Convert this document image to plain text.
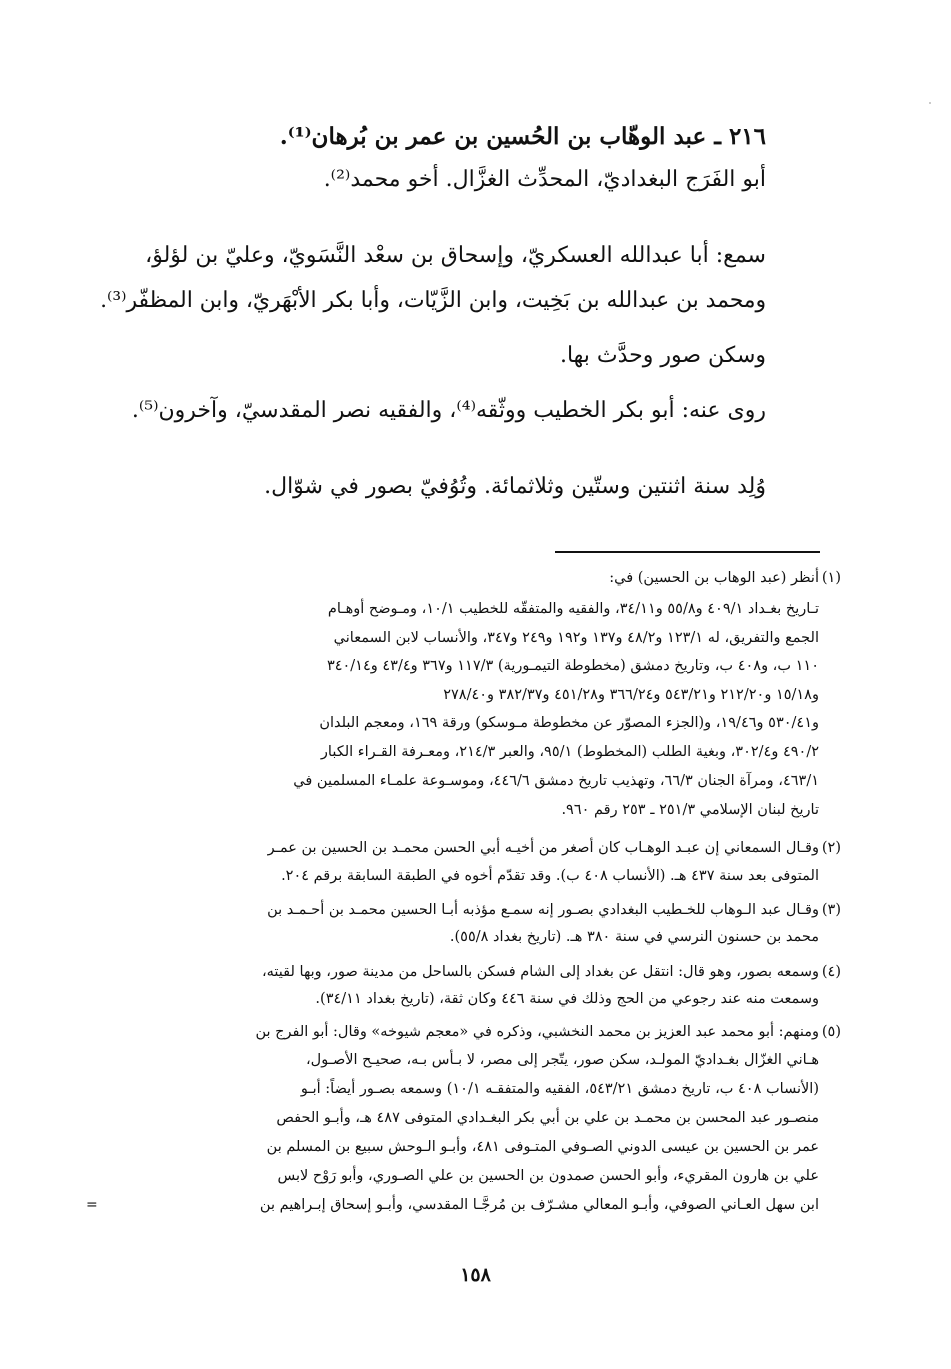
٢١٦ ـ عبد الوهّاب بن الحُسين بن عمر بن بُرهان⁽¹⁾.
أبو الفَرَج البغداديّ، المحدِّث الغزَّال. أخو محمد⁽²⁾.
سمع: أبا عبدالله العسكريّ، وإسحاق بن سعْد النَّسَويّ، وعليّ بن لؤلؤ،
ومحمد بن عبدالله بن بَخِيت، وابن الزَّيّات، وأبا بكر الأبْهَريّ، وابن المظفّر⁽³⁾.
وسكن صور وحدَّث بها.
روى عنه: أبو بكر الخطيب ووثّقه⁽⁴⁾، والفقيه نصر المقدسيّ، وآخرون⁽⁵⁾.
وُلِد سنة اثنتين وستّين وثلاثمائة. وتُوُفيّ بصور في شوّال.
(١)
أنظر (عبد الوهاب بن الحسين) في:
تـاريخ بغـداد ٤٠٩/١ و٥٥/٨ و٣٤/١١، والفقيه والمتفقّه للخطيب ١٠/١، ومـوضح أوهـام
الجمع والتفريق، له ١٢٣/١ و٤٨/٢ و١٣٧ و١٩٢ و٢٤٩ و٣٤٧، والأنساب لابن السمعاني
١١٠ ب، و٤٠٨ ب، وتاريخ دمشق (مخطوطة التيمـورية) ١١٧/٣ و٣٦٧ و٤٣/٤ و٣٤٠/١٤
و١٥/١٨ و٢١٢/٢٠ و٥٤٣/٢١ و٣٦٦/٢٤ و٤٥١/٢٨ و٣٨٢/٣٧ و٢٧٨/٤٠
و٥٣٠/٤١ و١٩/٤٦، و(الجزء المصوّر عن مخطوطة مـوسكو) ورقة ١٦٩، ومعجم البلدان
٤٩٠/٢ و٣٠٢/٤، وبغية الطلب (المخطوط) ٩٥/١، والعبر ٢١٤/٣، ومعـرفة القـراء الكبار
٤٦٣/١، ومرآة الجنان ٦٦/٣، وتهذيب تاريخ دمشق ٤٤٦/٦، وموسـوعة علمـاء المسلمين في
تاريخ لبنان الإسلامي ٢٥١/٣ ـ ٢٥٣ رقم ٩٦٠.
(٢)
وقـال السمعاني إن عبـد الوهـاب كان أصغر من أخيـه أبي الحسن محمـد بن الحسين بن عمـر
المتوفى بعد سنة ٤٣٧ هـ. (الأنساب ٤٠٨ ب). وقد تقدّم أخوه في الطبقة السابقة برقم ٢٠٤.
(٣)
وقـال عبد الـوهاب للخـطيب البغدادي بصـور إنه سمـع مؤذبه أبـا الحسين محمـد بن أحـمـد بن
محمد بن حسنون النرسي في سنة ٣٨٠ هـ. (تاريخ بغداد ٥٥/٨).
(٤)
وسمعه بصور، وهو قال: انتقل عن بغداد إلى الشام فسكن بالساحل من مدينة صور، وبها لقيته،
وسمعت منه عند رجوعي من الحج وذلك في سنة ٤٤٦ وكان ثقة، (تاريخ بغداد ٣٤/١١).
(٥)
ومنهم: أبو محمد عبد العزيز بن محمد النخشبي، وذكره في «معجم شيوخه» وقال: أبو الفرج بن
هـاني الغزّال بغـداديّ المولـد، سكن صور، يتّجر إلى مصر، لا بـأس بـه، صحيـح الأصـول،
(الأنساب ٤٠٨ ب، تاريخ دمشق ٥٤٣/٢١، الفقيه والمتفقـه ١٠/١) وسمعه بصـور أيضاً: أبـو
منصـور عبد المحسن بن محمـد بن علي بن أبي بكر البغـدادي المتوفى ٤٨٧ هـ، وأبـو الحفص
عمر بن الحسين بن عيسى الدوني الصـوفي المتـوفى ٤٨١، وأبـو الـوحش سبيع بن المسلم بن
علي بن هارون المقريء، وأبو الحسن صمدون بن الحسين بن علي الصـوري، وأبو رَوْح لابس
ابن سهل العـاني الصوفي، وأبـو المعالي مشـرّف بن مُرجَّـا المقدسي، وأبـو إسحاق إبـراهيم بن
=
١٥٨
